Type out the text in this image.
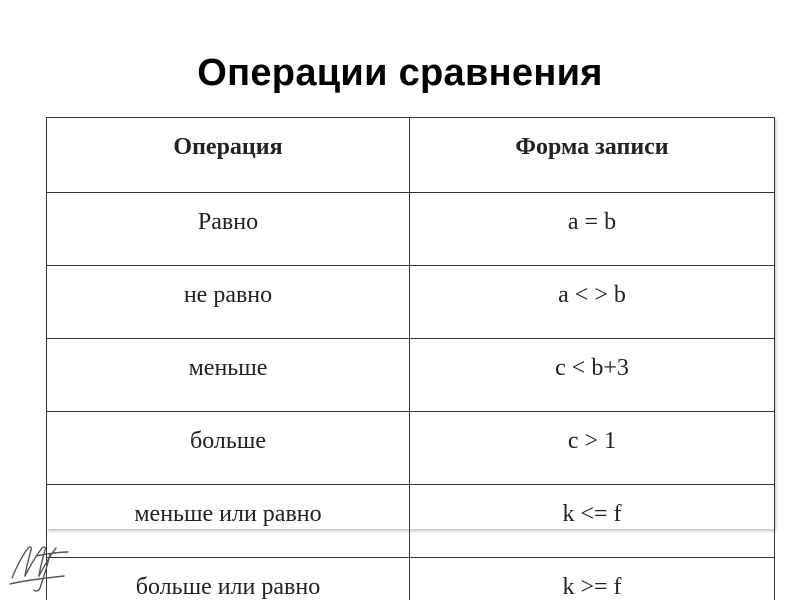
Операции сравнения
Операция	Форма записи
Равно	a = b
не равно	a < > b
меньше	c < b+3
больше	c > 1
меньше или равно	k <= f
больше или равно	k >= f
